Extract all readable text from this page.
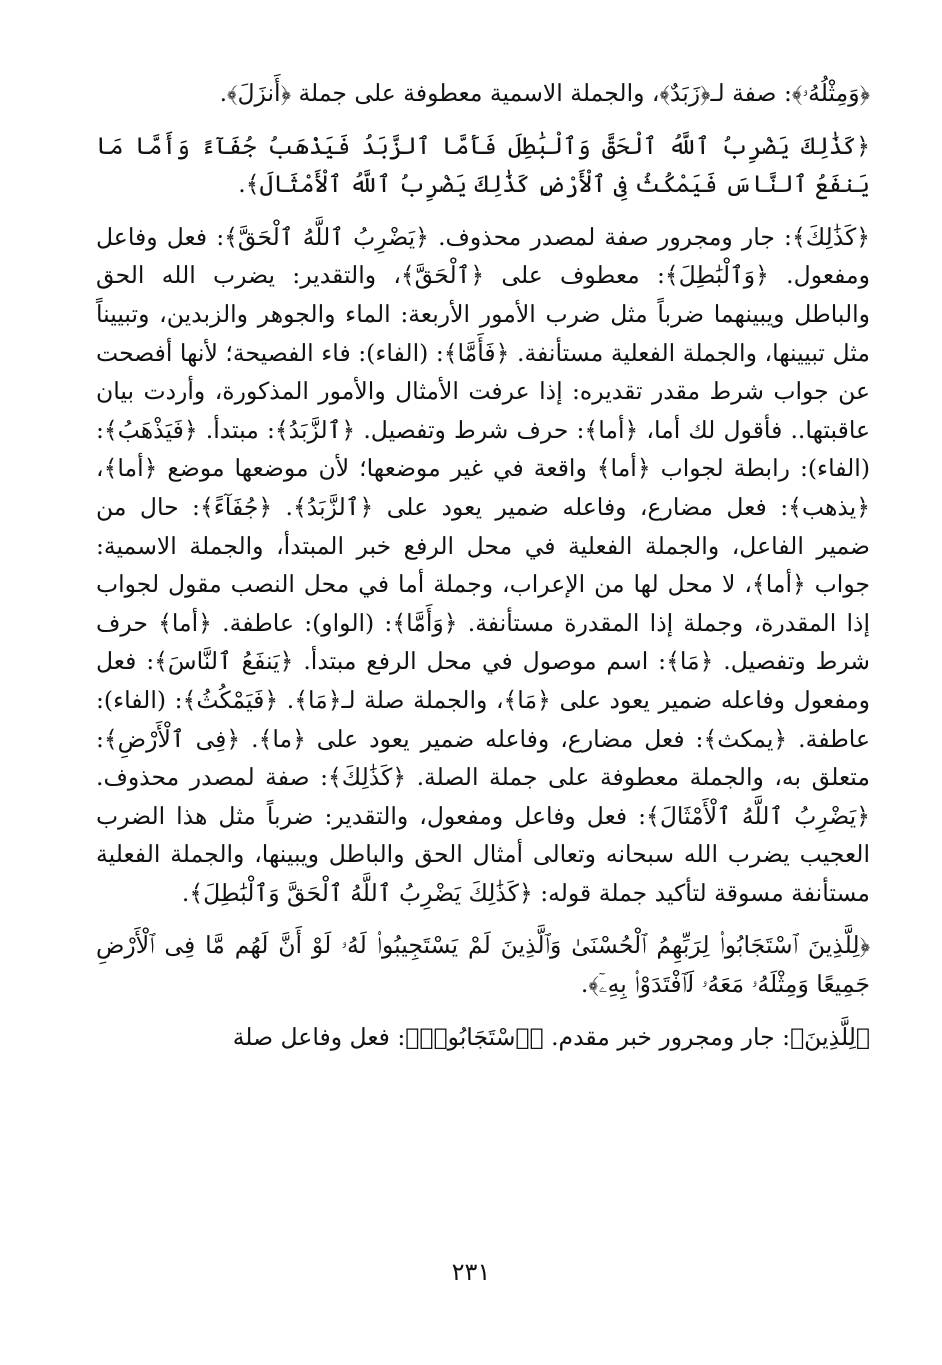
﴿وَمِثْلُهُۥ﴾: صفة لـ﴿زَبَدٌ﴾، والجملة الاسمية معطوفة على جملة ﴿أَنزَلَ﴾.

﴿كَذَٰلِكَ يَضْرِبُ ٱللَّهُ ٱلْحَقَّ وَٱلْبَٰطِلَ فَأَمَّا ٱلزَّبَدُ فَيَذْهَبُ جُفَآءً وَأَمَّا مَا يَنفَعُ ٱلنَّاسَ فَيَمْكُثُ فِى ٱلْأَرْضِ كَذَٰلِكَ يَضْرِبُ ٱللَّهُ ٱلْأَمْثَالَ﴾.

﴿كَذَٰلِكَ﴾: جار ومجرور صفة لمصدر محذوف. ﴿يَضْرِبُ ٱللَّهُ ٱلْحَقَّ﴾: فعل وفاعل ومفعول. ﴿وَٱلْبَٰطِلَ﴾: معطوف على ﴿ٱلْحَقَّ﴾، والتقدير: يضرب الله الحق والباطل ويبينهما ضرباً مثل ضرب الأمور الأربعة: الماء والجوهر والزبدين، وتبييناً مثل تبيينها، والجملة الفعلية مستأنفة. ﴿فَأَمَّا﴾: (الفاء): فاء الفصيحة؛ لأنها أفصحت عن جواب شرط مقدر تقديره: إذا عرفت الأمثال والأمور المذكورة، وأردت بيان عاقبتها.. فأقول لك أما، ﴿أما﴾: حرف شرط وتفصيل. ﴿ٱلزَّبَدُ﴾: مبتدأ. ﴿فَيَذْهَبُ﴾: (الفاء): رابطة لجواب ﴿أما﴾ واقعة في غير موضعها؛ لأن موضعها موضع ﴿أما﴾، ﴿يذهب﴾: فعل مضارع، وفاعله ضمير يعود على ﴿ٱلزَّبَدُ﴾. ﴿جُفَآءً﴾: حال من ضمير الفاعل، والجملة الفعلية في محل الرفع خبر المبتدأ، والجملة الاسمية: جواب ﴿أما﴾، لا محل لها من الإعراب، وجملة أما في محل النصب مقول لجواب إذا المقدرة، وجملة إذا المقدرة مستأنفة. ﴿وَأَمَّا﴾: (الواو): عاطفة. ﴿أما﴾ حرف شرط وتفصيل. ﴿مَا﴾: اسم موصول في محل الرفع مبتدأ. ﴿يَنفَعُ ٱلنَّاسَ﴾: فعل ومفعول وفاعله ضمير يعود على ﴿مَا﴾، والجملة صلة لـ﴿مَا﴾. ﴿فَيَمْكُثُ﴾: (الفاء): عاطفة. ﴿يمكث﴾: فعل مضارع، وفاعله ضمير يعود على ﴿ما﴾. ﴿فِى ٱلْأَرْضِ﴾: متعلق به، والجملة معطوفة على جملة الصلة. ﴿كَذَٰلِكَ﴾: صفة لمصدر محذوف. ﴿يَضْرِبُ ٱللَّهُ ٱلْأَمْثَالَ﴾: فعل وفاعل ومفعول، والتقدير: ضرباً مثل هذا الضرب العجيب يضرب الله سبحانه وتعالى أمثال الحق والباطل ويبينها، والجملة الفعلية مستأنفة مسوقة لتأكيد جملة قوله: ﴿كَذَٰلِكَ يَضْرِبُ ٱللَّهُ ٱلْحَقَّ وَٱلْبَٰطِلَ﴾.

﴿لِلَّذِينَ ٱسْتَجَابُوا۟ لِرَبِّهِمُ ٱلْحُسْنَىٰ وَٱلَّذِينَ لَمْ يَسْتَجِيبُوا۟ لَهُۥ لَوْ أَنَّ لَهُم مَّا فِى ٱلْأَرْضِ جَمِيعًا وَمِثْلَهُۥ مَعَهُۥ لَٱفْتَدَوْا۟ بِهِۦٓ﴾.

﴿لِلَّذِينَ﴾: جار ومجرور خبر مقدم. ﴿ٱسْتَجَابُوا۟﴾: فعل وفاعل صلة

٢٣١
